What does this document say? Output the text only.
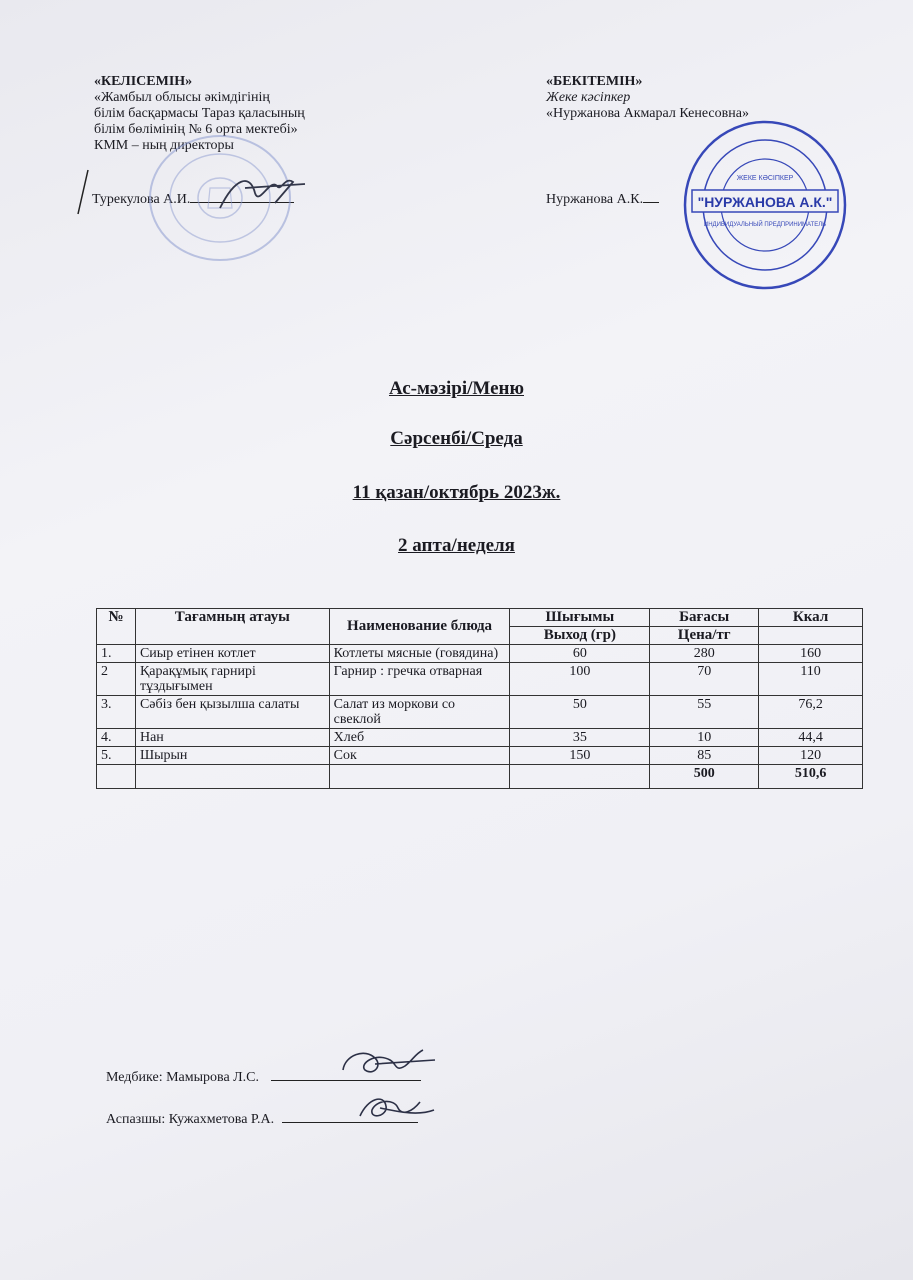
«КЕЛІСЕМІН»
«Жамбыл облысы әкімдігінің
білім басқармасы Тараз қаласының
білім бөлімінің № 6 орта мектебі»
КММ – ның директоры
Турекулова А.И.
«БЕКІТЕМІН»
Жеке кәсіпкер
«Нуржанова Акмарал Кенесовна»
Нуржанова А.К.	"НУРЖАНОВА А.К."
ЖЕКЕ КӘСІПКЕР
ИНДИВИДУАЛЬНЫЙ ПРЕДПРИНИМАТЕЛЬ
Ас-мәзірі/Меню
Сәрсенбі/Среда
11 қазан/октябрь 2023ж.
2 апта/неделя
№	Тағамның атауы	Наименование блюда	Шығымы	Бағасы	Ккал
			Выход (гр)	Цена/тг	
1.	Сиыр етінен котлет	Котлеты мясные (говядина)	60	280	160
2	Қарақұмық гарнирі тұздығымен	Гарнир : гречка отварная	100	70	110
3.	Сәбіз бен қызылша салаты	Салат из моркови со свеклой	50	55	76,2
4.	Нан	Хлеб	35	10	44,4
5.	Шырын	Сок	150	85	120
				500	510,6
Медбике: Мамырова Л.С.
Аспазшы: Кужахметова Р.А.
